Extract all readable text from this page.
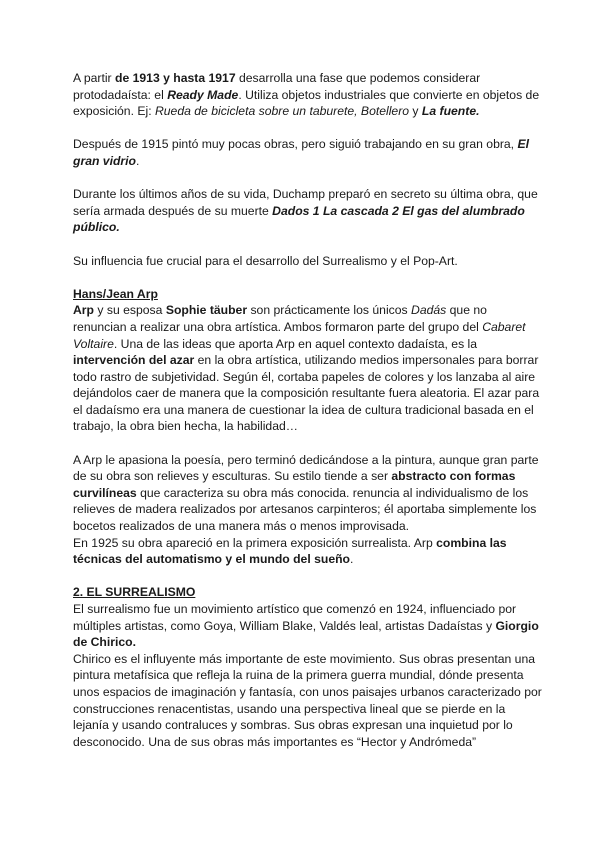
A partir de 1913 y hasta 1917 desarrolla una fase que podemos considerar protodadaísta: el Ready Made. Utiliza objetos industriales que convierte en objetos de exposición. Ej: Rueda de bicicleta sobre un taburete, Botellero y La fuente.

Después de 1915 pintó muy pocas obras, pero siguió trabajando en su gran obra, El gran vidrio.

Durante los últimos años de su vida, Duchamp preparó en secreto su última obra, que sería armada después de su muerte Dados 1 La cascada 2 El gas del alumbrado público.

Su influencia fue crucial para el desarrollo del Surrealismo y el Pop-Art.

Hans/Jean Arp

Arp y su esposa Sophie täuber son prácticamente los únicos Dadás que no renuncian a realizar una obra artística. Ambos formaron parte del grupo del Cabaret Voltaire. Una de las ideas que aporta Arp en aquel contexto dadaísta, es la intervención del azar en la obra artística, utilizando medios impersonales para borrar todo rastro de subjetividad. Según él, cortaba papeles de colores y los lanzaba al aire dejándolos caer de manera que la composición resultante fuera aleatoria. El azar para el dadaísmo era una manera de cuestionar la idea de cultura tradicional basada en el trabajo, la obra bien hecha, la habilidad…

A Arp le apasiona la poesía, pero terminó dedicándose a la pintura, aunque gran parte de su obra son relieves y esculturas. Su estilo tiende a ser abstracto con formas curvilíneas que caracteriza su obra más conocida. renuncia al individualismo de los relieves de madera realizados por artesanos carpinteros; él aportaba simplemente los bocetos realizados de una manera más o menos improvisada.

En 1925 su obra apareció en la primera exposición surrealista. Arp combina las técnicas del automatismo y el mundo del sueño.

2. EL SURREALISMO

El surrealismo fue un movimiento artístico que comenzó en 1924, influenciado por múltiples artistas, como Goya, William Blake, Valdés leal, artistas Dadaístas y Giorgio de Chirico.

Chirico es el influyente más importante de este movimiento. Sus obras presentan una pintura metafísica que refleja la ruina de la primera guerra mundial, dónde presenta unos espacios de imaginación y fantasía, con unos paisajes urbanos caracterizado por construcciones renacentistas, usando una perspectiva lineal que se pierde en la lejanía y usando contraluces y sombras. Sus obras expresan una inquietud por lo desconocido. Una de sus obras más importantes es “Hector y Andrómeda”
